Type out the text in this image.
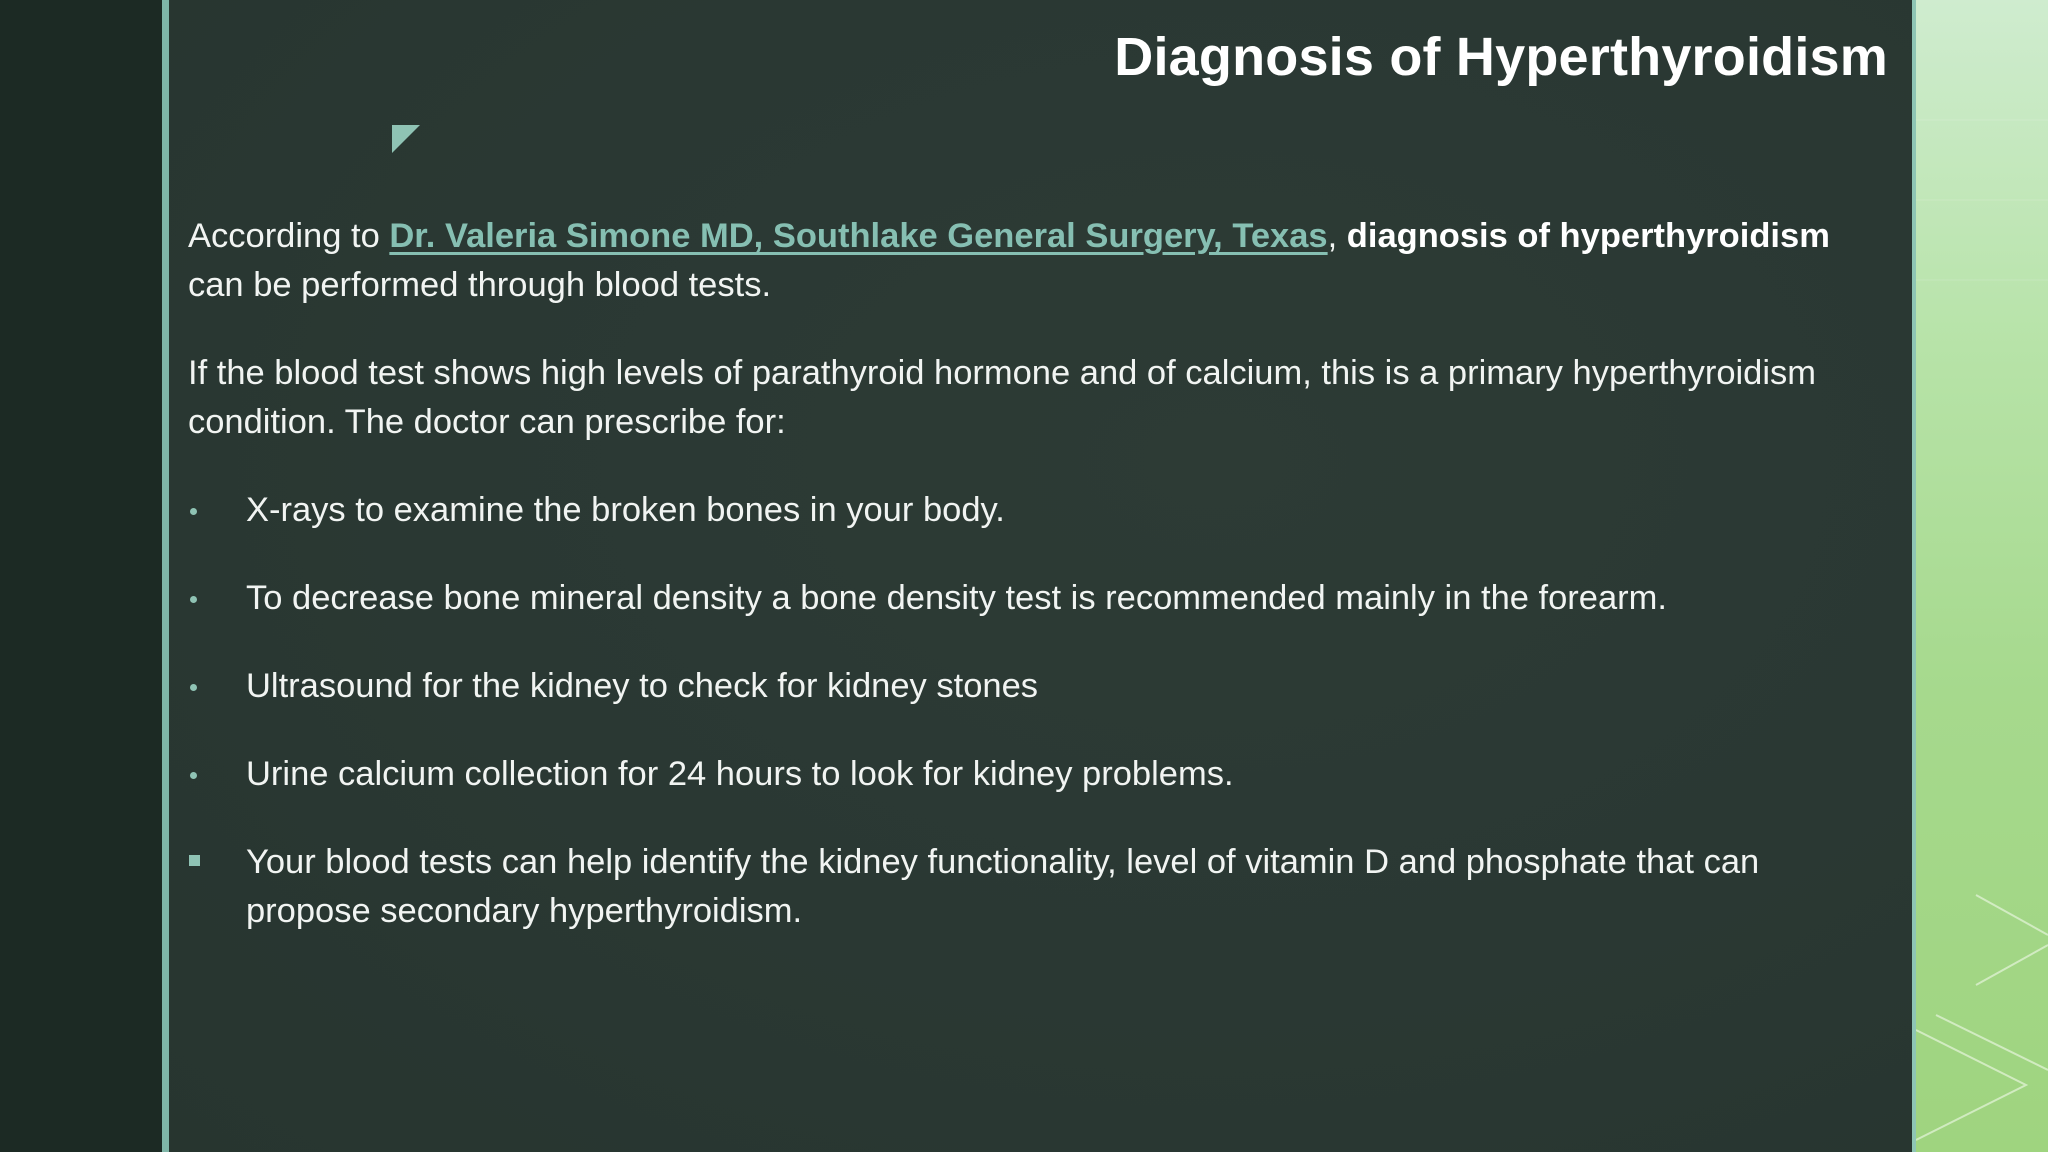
Diagnosis of Hyperthyroidism

According to Dr. Valeria Simone MD, Southlake General Surgery, Texas, diagnosis of hyperthyroidism can be performed through blood tests.

If the blood test shows high levels of parathyroid hormone and of calcium, this is a primary hyperthyroidism condition. The doctor can prescribe for:

X-rays to examine the broken bones in your body.
To decrease bone mineral density a bone density test is recommended mainly in the forearm.
Ultrasound for the kidney to check for kidney stones
Urine calcium collection for 24 hours to look for kidney problems.
Your blood tests can help identify the kidney functionality, level of vitamin D and phosphate that can propose secondary hyperthyroidism.
